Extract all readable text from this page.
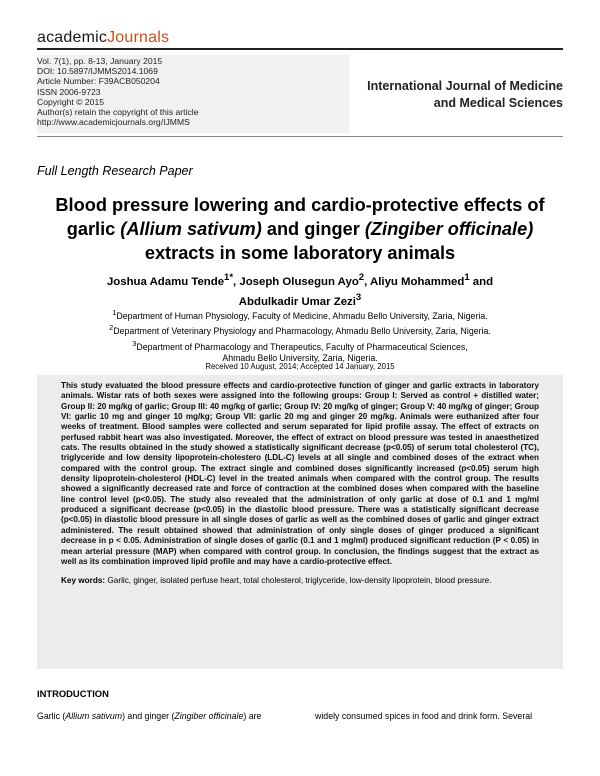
academicJournals
Vol. 7(1), pp. 8-13, January 2015
DOI: 10.5897/IJMMS2014.1069
Article Number: F39ACB050204
ISSN 2006-9723
Copyright © 2015
Author(s) retain the copyright of this article
http://www.academicjournals.org/IJMMS
International Journal of Medicine
and Medical Sciences
Full Length Research Paper
Blood pressure lowering and cardio-protective effects of garlic (Allium sativum) and ginger (Zingiber officinale) extracts in some laboratory animals
Joshua Adamu Tende$^{1*}$, Joseph Olusegun Ayo$^2$, Aliyu Mohammed$^1$ and
Abdulkadir Umar Zezi$^3$
$^1$Department of Human Physiology, Faculty of Medicine, Ahmadu Bello University, Zaria, Nigeria.
$^2$Department of Veterinary Physiology and Pharmacology, Ahmadu Bello University, Zaria, Nigeria.
$^3$Department of Pharmacology and Therapeutics, Faculty of Pharmaceutical Sciences,
Ahmadu Bello University, Zaria, Nigeria.
Received 10 August, 2014; Accepted 14 January, 2015
This study evaluated the blood pressure effects and cardio-protective function of ginger and garlic extracts in laboratory animals. Wistar rats of both sexes were assigned into the following groups: Group I: Served as control + distilled water; Group II: 20 mg/kg of garlic; Group III: 40 mg/kg of garlic; Group IV: 20 mg/kg of ginger; Group V: 40 mg/kg of ginger; Group VI: garlic 10 mg and ginger 10 mg/kg; Group VII: garlic 20 mg and ginger 20 mg/kg. Animals were euthanized after four weeks of treatment. Blood samples were collected and serum separated for lipid profile assay. The effect of extracts on perfused rabbit heart was also investigated. Moreover, the effect of extract on blood pressure was tested in anaesthetized cats. The results obtained in the study showed a statistically significant decrease (p<0.05) of serum total cholesterol (TC), triglyceride and low density lipoprotein-cholestero (LDL-C) levels at all single and combined doses of the extract when compared with the control group. The extract single and combined doses significantly increased (p<0.05) serum high density lipoprotein-cholesterol (HDL-C) level in the treated animals when compared with the control group. The results showed a significantly decreased rate and force of contraction at the combined doses when compared with the baseline line control level (p<0.05). The study also revealed that the administration of only garlic at dose of 0.1 and 1 mg/ml produced a significant decrease (p<0.05) in the diastolic blood pressure. There was a statistically significant decrease (p<0.05) in diastolic blood pressure in all single doses of garlic as well as the combined doses of garlic and ginger extract administered. The result obtained showed that administration of only single doses of ginger produced a significant decrease in p < 0.05. Administration of single doses of garlic (0.1 and 1 mg/ml) produced significant reduction (P < 0.05) in mean arterial pressure (MAP) when compared with control group. In conclusion, the findings suggest that the extract as well as its combination improved lipid profile and may have a cardio-protective effect.
Key words: Garlic, ginger, isolated perfuse heart, total cholesterol, triglyceride, low-density lipoprotein, blood pressure.
INTRODUCTION
Garlic (Allium sativum) and ginger (Zingiber officinale) are	widely consumed spices in food and drink form. Several
